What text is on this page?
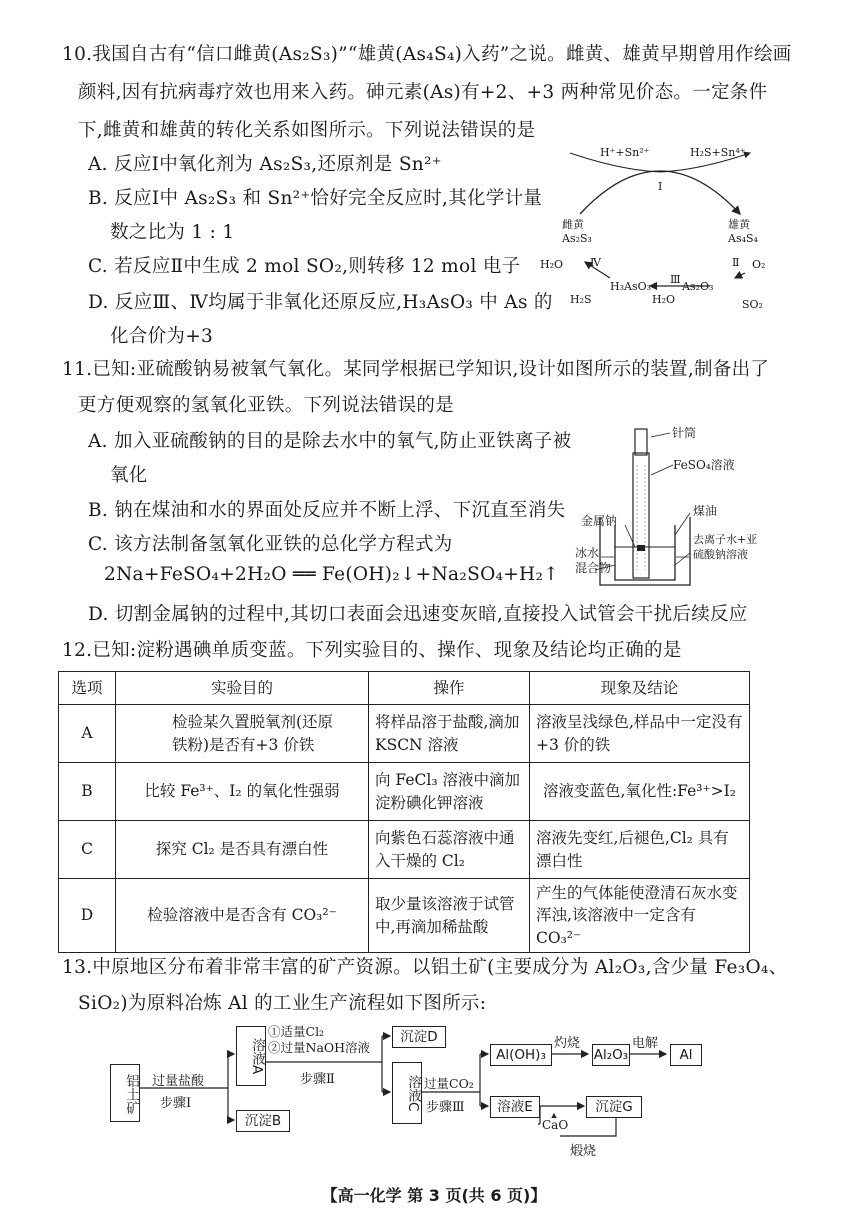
10.我国自古有“信口雌黄(As₂S₃)”“雄黄(As₄S₄)入药”之说。雌黄、雄黄早期曾用作绘画
颜料,因有抗病毒疗效也用来入药。砷元素(As)有+2、+3 两种常见价态。一定条件
下,雌黄和雄黄的转化关系如图所示。下列说法错误的是
A. 反应Ⅰ中氧化剂为 As₂S₃,还原剂是 Sn²⁺
B. 反应Ⅰ中 As₂S₃ 和 Sn²⁺恰好完全反应时,其化学计量
数之比为 1 : 1
C. 若反应Ⅱ中生成 2 mol SO₂,则转移 12 mol 电子
D. 反应Ⅲ、Ⅳ均属于非氧化还原反应,H₃AsO₃ 中 As 的
化合价为+3
H⁺+Sn²⁺	H₂S+Sn⁴⁺
Ⅰ
雌黄
As₂S₃
雄黄
As₄S₄
Ⅳ	Ⅱ
Ⅲ
H₂O
H₂S
H₃AsO₃
H₂O
As₂O₃
O₂
SO₂
11.已知:亚硫酸钠易被氧气氧化。某同学根据已学知识,设计如图所示的装置,制备出了
更方便观察的氢氧化亚铁。下列说法错误的是
A. 加入亚硫酸钠的目的是除去水中的氧气,防止亚铁离子被
氧化
B. 钠在煤油和水的界面处反应并不断上浮、下沉直至消失
C. 该方法制备氢氧化亚铁的总化学方程式为
2Na+FeSO₄+2H₂O ══ Fe(OH)₂↓+Na₂SO₄+H₂↑
D. 切割金属钠的过程中,其切口表面会迅速变灰暗,直接投入试管会干扰后续反应
针筒
FeSO₄溶液
金属钠
煤油
去离子水+亚
硫酸钠溶液
冰水
混合物
12.已知:淀粉遇碘单质变蓝。下列实验目的、操作、现象及结论均正确的是
选项	实验目的	操作	现象及结论
A	检验某久置脱氧剂(还原铁粉)是否有+3 价铁	将样品溶于盐酸,滴加 KSCN 溶液	溶液呈浅绿色,样品中一定没有+3 价的铁
B	比较 Fe³⁺、I₂ 的氧化性强弱	向 FeCl₃ 溶液中滴加淀粉碘化钾溶液	溶液变蓝色,氧化性:Fe³⁺>I₂
C	探究 Cl₂ 是否具有漂白性	向紫色石蕊溶液中通入干燥的 Cl₂	溶液先变红,后褪色,Cl₂ 具有漂白性
D	检验溶液中是否含有 CO₃²⁻	取少量该溶液于试管中,再滴加稀盐酸	产生的气体能使澄清石灰水变浑浊,该溶液中一定含有 CO₃²⁻
13.中原地区分布着非常丰富的矿产资源。以铝土矿(主要成分为 Al₂O₃,含少量 Fe₃O₄、
SiO₂)为原料冶炼 Al 的工业生产流程如下图所示:
铝土矿 过量盐酸
步骤Ⅰ
溶液A
沉淀B
①适量Cl₂
②过量NaOH溶液
步骤Ⅱ
沉淀D
溶液C 过量CO₂
步骤Ⅲ
Al(OH)₃
灼烧
Al₂O₃
电解
Al
溶液E
CaO
沉淀G
煅烧
【高一化学 第 3 页(共 6 页)】
